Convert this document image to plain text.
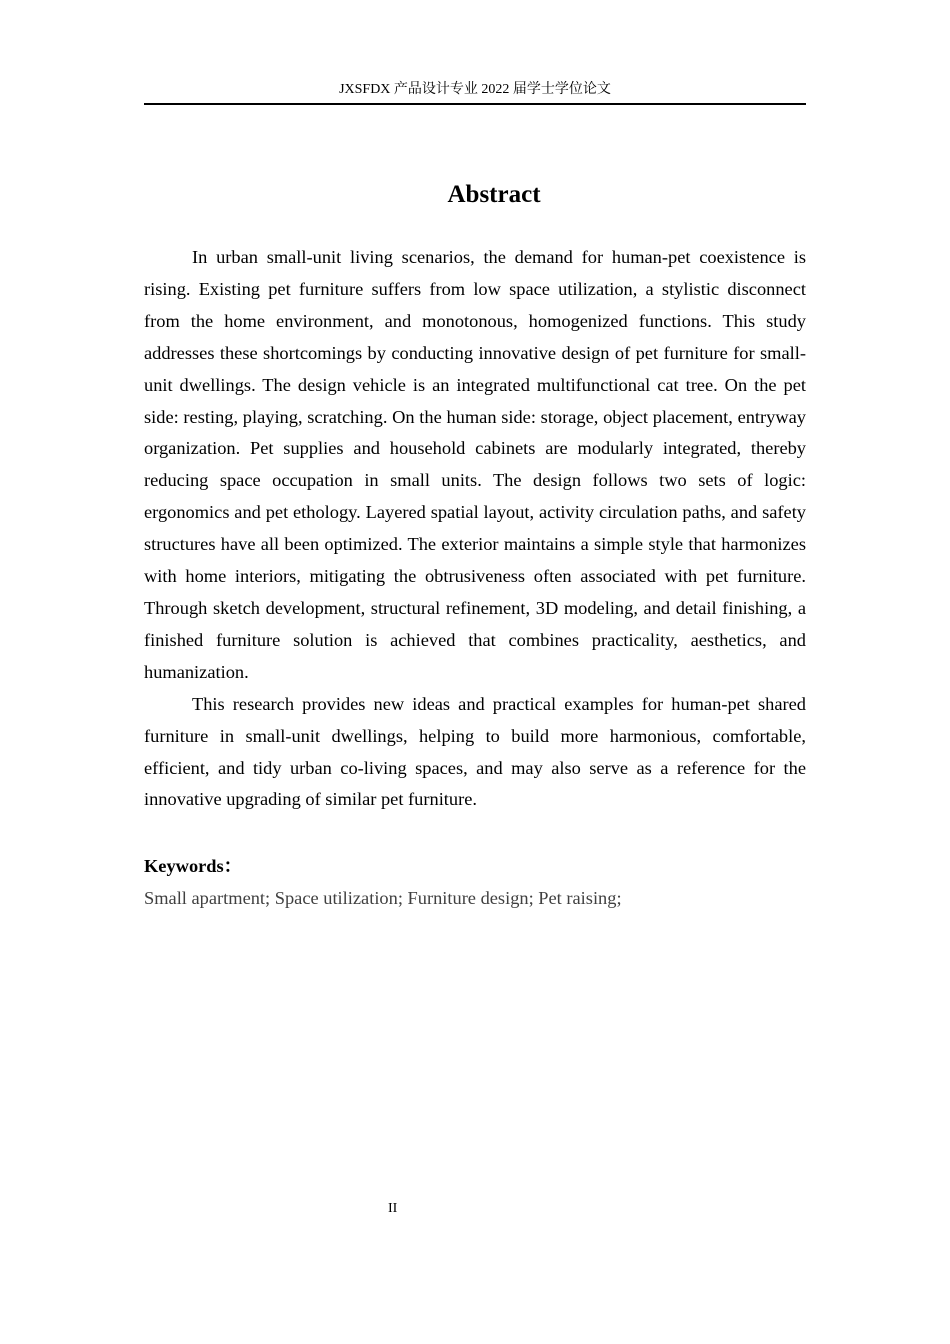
JXSFDX 产品设计专业 2022 届学士学位论文
Abstract

In urban small-unit living scenarios, the demand for human-pet coexistence is rising. Existing pet furniture suffers from low space utilization, a stylistic disconnect from the home environment, and monotonous, homogenized functions. This study addresses these shortcomings by conducting innovative design of pet furniture for small-unit dwellings. The design vehicle is an integrated multifunctional cat tree. On the pet side: resting, playing, scratching. On the human side: storage, object placement, entryway organization. Pet supplies and household cabinets are modularly integrated, thereby reducing space occupation in small units. The design follows two sets of logic: ergonomics and pet ethology. Layered spatial layout, activity circulation paths, and safety structures have all been optimized. The exterior maintains a simple style that harmonizes with home interiors, mitigating the obtrusiveness often associated with pet furniture. Through sketch development, structural refinement, 3D modeling, and detail finishing, a finished furniture solution is achieved that combines practicality, aesthetics, and humanization.

This research provides new ideas and practical examples for human-pet shared furniture in small-unit dwellings, helping to build more harmonious, comfortable, efficient, and tidy urban co-living spaces, and may also serve as a reference for the innovative upgrading of similar pet furniture.

Keywords：
Small apartment; Space utilization; Furniture design; Pet raising;
II
